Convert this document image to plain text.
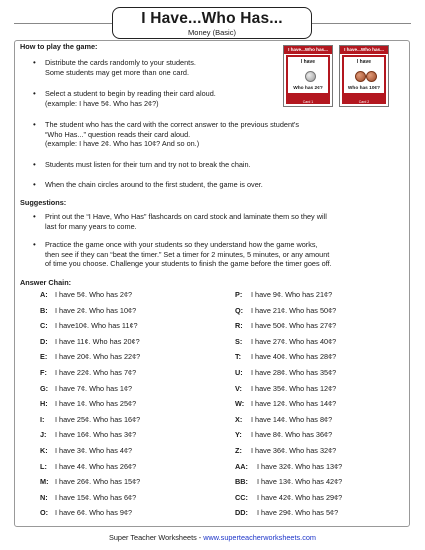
I Have...Who Has...
Money (Basic)
How to play the game:
• Distribute the cards randomly to your students.
Some students may get more than one card.
• Select a student to begin by reading their card aloud.
(example: I have 5¢. Who has 2¢?)
• The student who has the card with the correct answer to the previous student's
“Who Has...” question reads their card aloud.
(example: I have 2¢. Who has 10¢? And so on.)
• Students must listen for their turn and try not to break the chain.
• When the chain circles around to the first student, the game is over.
I have...Who has...
I have
Who has 2¢?
Card 1
I have...Who has...
I have
Who has 10¢?
Card 2
Suggestions:
• Print out the “I Have, Who Has” flashcards on card stock and laminate them so they will
last for many years to come.
• Practice the game once with your students so they understand how the game works,
then see if they can “beat the timer.” Set a timer for 2 minutes, 5 minutes, or any amount
of time you choose. Challenge your students to finish the game before the timer goes off.
Answer Chain:
A: I have 5¢. Who has 2¢?
B: I have 2¢. Who has 10¢?
C: I have10¢. Who has 11¢?
D: I have 11¢. Who has 20¢?
E: I have 20¢. Who has 22¢?
F: I have 22¢. Who has 7¢?
G: I have 7¢. Who has 1¢?
H: I have 1¢. Who has 25¢?
I: I have 25¢. Who has 16¢?
J: I have 16¢. Who has 3¢?
K: I have 3¢. Who has 4¢?
L: I have 4¢. Who has 26¢?
M: I have 26¢. Who has 15¢?
N: I have 15¢. Who has 6¢?
O: I have 6¢. Who has 9¢?
P: I have 9¢. Who has 21¢?
Q: I have 21¢. Who has 50¢?
R: I have 50¢. Who has 27¢?
S: I have 27¢. Who has 40¢?
T: I have 40¢. Who has 28¢?
U: I have 28¢. Who has 35¢?
V: I have 35¢. Who has 12¢?
W: I have 12¢. Who has 14¢?
X: I have 14¢. Who has 8¢?
Y: I have 8¢. Who has 36¢?
Z: I have 36¢. Who has 32¢?
AA: I have 32¢. Who has 13¢?
BB: I have 13¢. Who has 42¢?
CC: I have 42¢. Who has 29¢?
DD: I have 29¢. Who has 5¢?
Super Teacher Worksheets - www.superteacherworksheets.com
